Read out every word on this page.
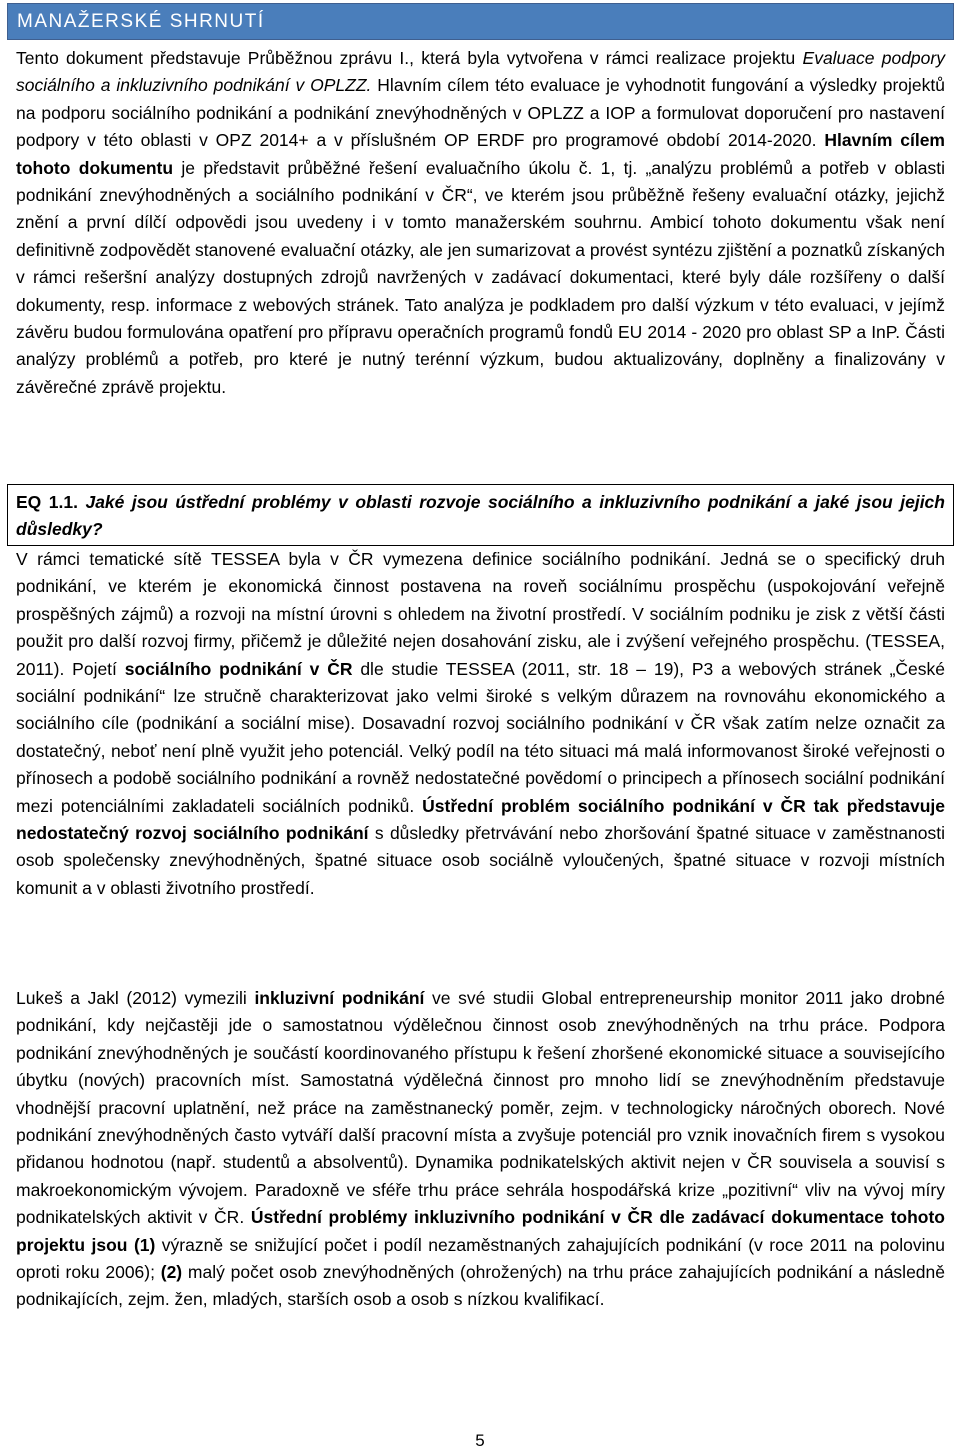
MANAŽERSKÉ SHRNUTÍ

Tento dokument představuje Průběžnou zprávu I., která byla vytvořena v rámci realizace projektu Evaluace podpory sociálního a inkluzivního podnikání v OPLZZ. Hlavním cílem této evaluace je vyhodnotit fungování a výsledky projektů na podporu sociálního podnikání a podnikání znevýhodněných v OPLZZ a IOP a formulovat doporučení pro nastavení podpory v této oblasti v OPZ 2014+ a v příslušném OP ERDF pro programové období 2014-2020. Hlavním cílem tohoto dokumentu je představit průběžné řešení evaluačního úkolu č. 1, tj. „analýzu problémů a potřeb v oblasti podnikání znevýhodněných a sociálního podnikání v ČR“, ve kterém jsou průběžně řešeny evaluační otázky, jejichž znění a první dílčí odpovědi jsou uvedeny i v tomto manažerském souhrnu. Ambicí tohoto dokumentu však není definitivně zodpovědět stanovené evaluační otázky, ale jen sumarizovat a provést syntézu zjištění a poznatků získaných v rámci rešeršní analýzy dostupných zdrojů navržených v zadávací dokumentaci, které byly dále rozšířeny o další dokumenty, resp. informace z webových stránek. Tato analýza je podkladem pro další výzkum v této evaluaci, v jejímž závěru budou formulována opatření pro přípravu operačních programů fondů EU 2014 - 2020 pro oblast SP a InP. Části analýzy problémů a potřeb, pro které je nutný terénní výzkum, budou aktualizovány, doplněny a finalizovány v závěrečné zprávě projektu.

EQ 1.1. Jaké jsou ústřední problémy v oblasti rozvoje sociálního a inkluzivního podnikání a jaké jsou jejich důsledky?

V rámci tematické sítě TESSEA byla v ČR vymezena definice sociálního podnikání. Jedná se o specifický druh podnikání, ve kterém je ekonomická činnost postavena na roveň sociálnímu prospěchu (uspokojování veřejně prospěšných zájmů) a rozvoji na místní úrovni s ohledem na životní prostředí. V sociálním podniku je zisk z větší části použit pro další rozvoj firmy, přičemž je důležité nejen dosahování zisku, ale i zvýšení veřejného prospěchu. (TESSEA, 2011). Pojetí sociálního podnikání v ČR dle studie TESSEA (2011, str. 18 – 19), P3 a webových stránek „České sociální podnikání“ lze stručně charakterizovat jako velmi široké s velkým důrazem na rovnováhu ekonomického a sociálního cíle (podnikání a sociální mise). Dosavadní rozvoj sociálního podnikání v ČR však zatím nelze označit za dostatečný, neboť není plně využit jeho potenciál. Velký podíl na této situaci má malá informovanost široké veřejnosti o přínosech a podobě sociálního podnikání a rovněž nedostatečné povědomí o principech a přínosech sociální podnikání mezi potenciálními zakladateli sociálních podniků. Ústřední problém sociálního podnikání v ČR tak představuje nedostatečný rozvoj sociálního podnikání s důsledky přetrvávání nebo zhoršování špatné situace v zaměstnanosti osob společensky znevýhodněných, špatné situace osob sociálně vyloučených, špatné situace v rozvoji místních komunit a v oblasti životního prostředí.

Lukeš a Jakl (2012) vymezili inkluzivní podnikání ve své studii Global entrepreneurship monitor 2011 jako drobné podnikání, kdy nejčastěji jde o samostatnou výdělečnou činnost osob znevýhodněných na trhu práce. Podpora podnikání znevýhodněných je součástí koordinovaného přístupu k řešení zhoršené ekonomické situace a souvisejícího úbytku (nových) pracovních míst. Samostatná výdělečná činnost pro mnoho lidí se znevýhodněním představuje vhodnější pracovní uplatnění, než práce na zaměstnanecký poměr, zejm. v technologicky náročných oborech. Nové podnikání znevýhodněných často vytváří další pracovní místa a zvyšuje potenciál pro vznik inovačních firem s vysokou přidanou hodnotou (např. studentů a absolventů). Dynamika podnikatelských aktivit nejen v ČR souvisela a souvisí s makroekonomickým vývojem. Paradoxně ve sféře trhu práce sehrála hospodářská krize „pozitivní“ vliv na vývoj míry podnikatelských aktivit v ČR. Ústřední problémy inkluzivního podnikání v ČR dle zadávací dokumentace tohoto projektu jsou (1) výrazně se snižující počet i podíl nezaměstnaných zahajujících podnikání (v roce 2011 na polovinu oproti roku 2006); (2) malý počet osob znevýhodněných (ohrožených) na trhu práce zahajujících podnikání a následně podnikajících, zejm. žen, mladých, starších osob a osob s nízkou kvalifikací.

5
